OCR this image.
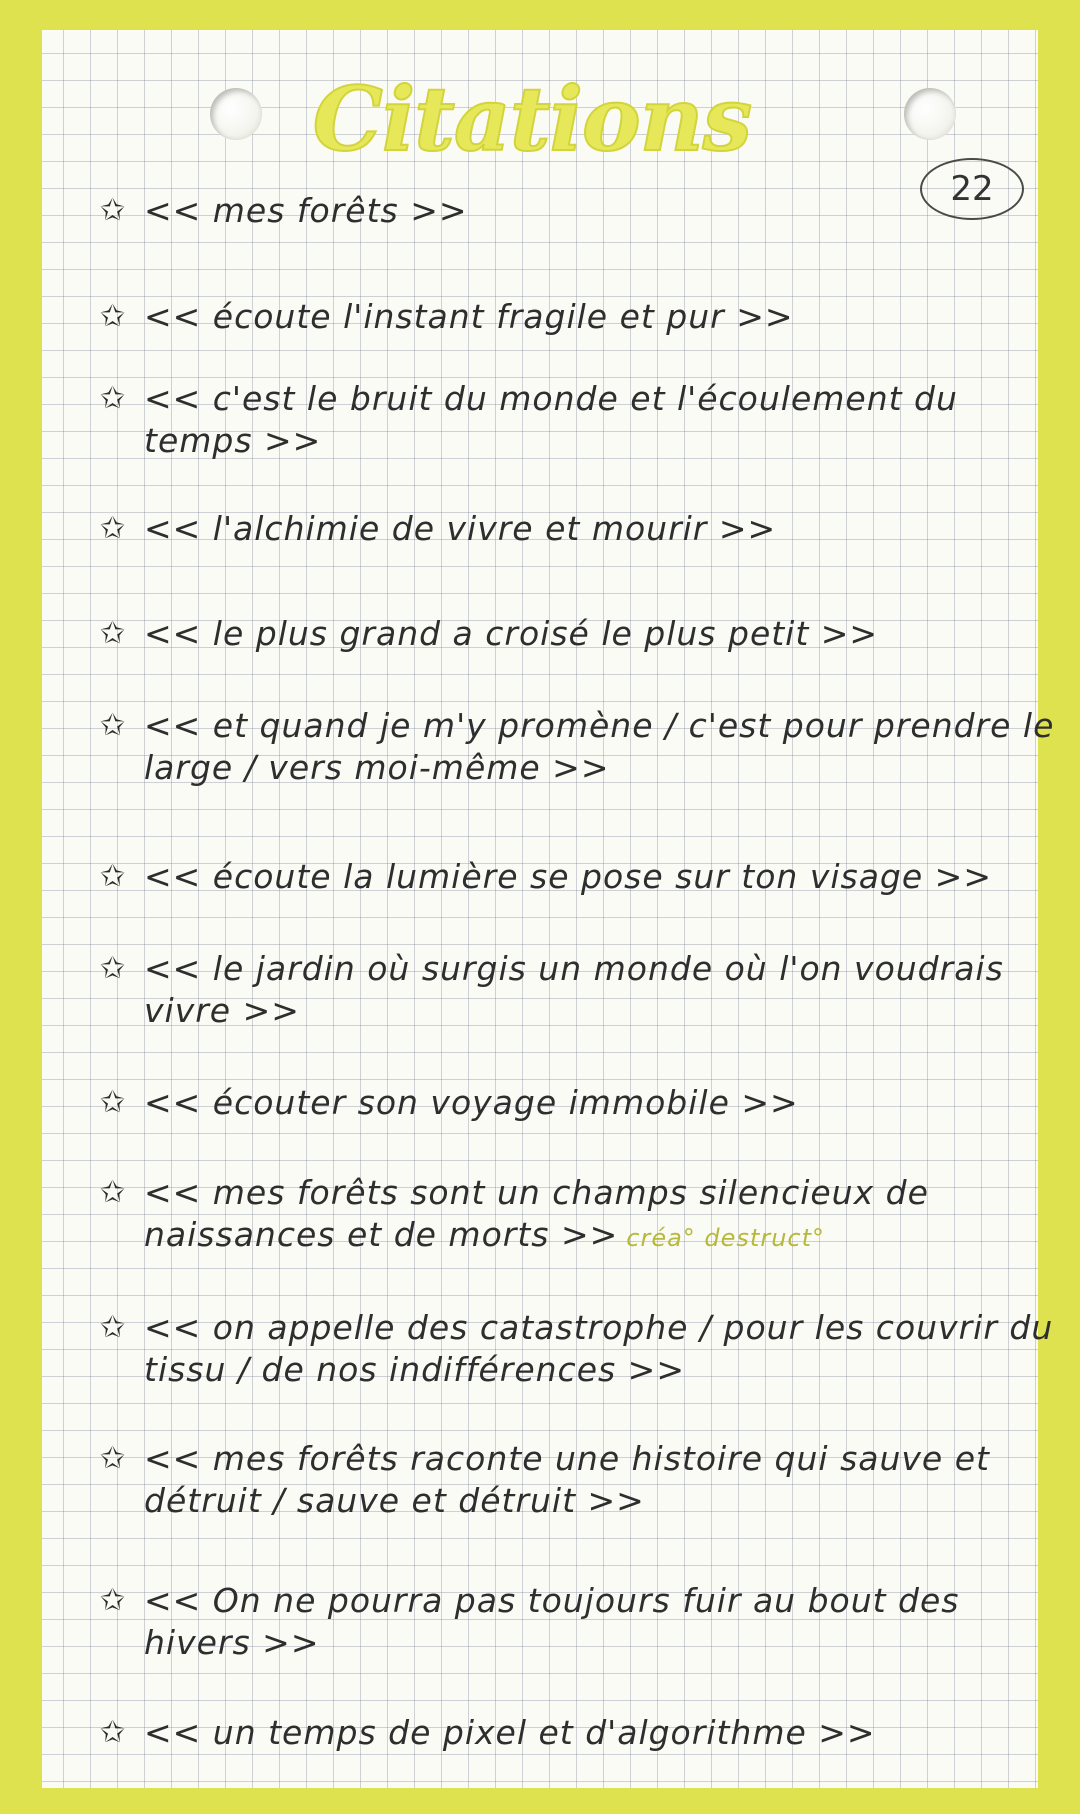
Citations
22
✩ << mes forêts >>
✩ << écoute l'instant fragile et pur >>
✩ << c'est le bruit du monde et l'écoulement du temps >>
✩ << l'alchimie de vivre et mourir >>
✩ << le plus grand a croisé le plus petit >>
✩ << et quand je m'y promène / c'est pour prendre le large / vers moi-même >>
✩ << écoute la lumière se pose sur ton visage >>
✩ << le jardin où surgis un monde où l'on voudrais vivre >>
✩ << écouter son voyage immobile >>
✩ << mes forêts sont un champs silencieux de naissances et de morts >> créa° destruct°
✩ << on appelle des catastrophe / pour les couvrir du tissu / de nos indifférences >>
✩ << mes forêts raconte une histoire qui sauve et détruit / sauve et détruit >>
✩ << On ne pourra pas toujours fuir au bout des hivers >>
✩ << un temps de pixel et d'algorithme >>
